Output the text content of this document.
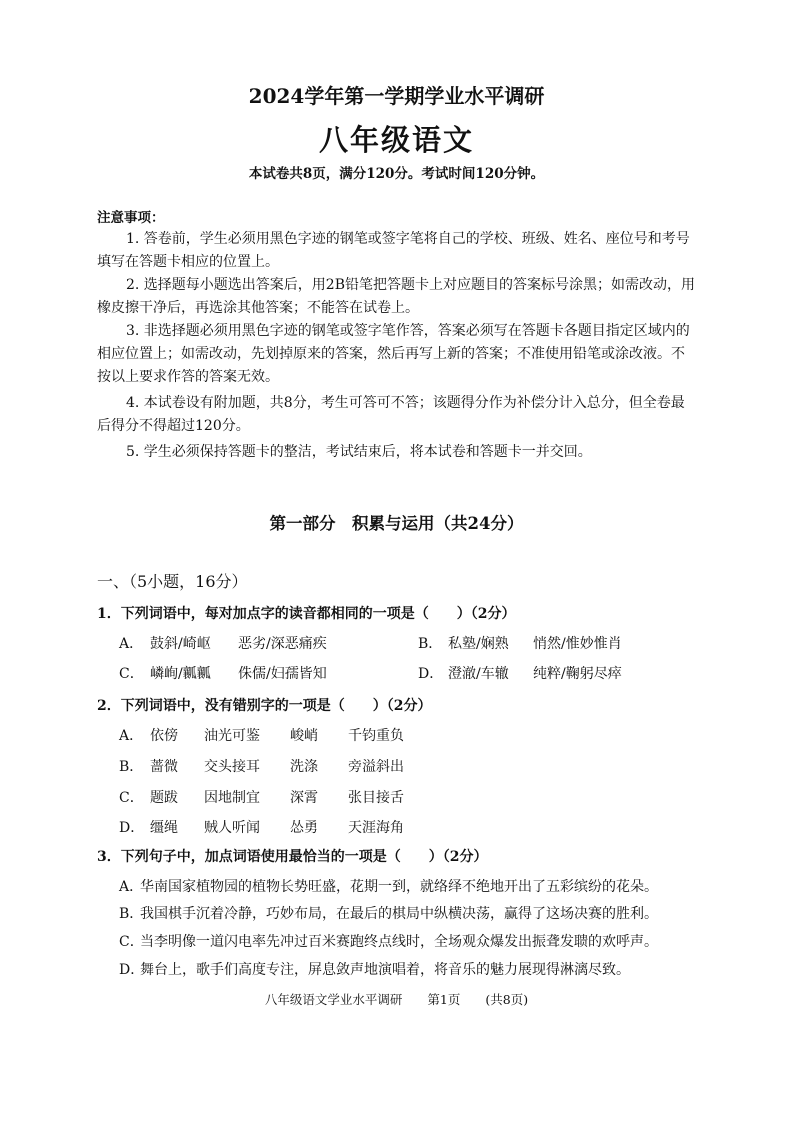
2024学年第一学期学业水平调研
八年级语文
本试卷共8页，满分120分。考试时间120分钟。
注意事项：

1. 答卷前，学生必须用黑色字迹的钢笔或签字笔将自己的学校、班级、姓名、座位号和考号填写在答题卡相应的位置上。

2. 选择题每小题选出答案后，用2B铅笔把答题卡上对应题目的答案标号涂黑；如需改动，用橡皮擦干净后，再选涂其他答案；不能答在试卷上。

3. 非选择题必须用黑色字迹的钢笔或签字笔作答，答案必须写在答题卡各题目指定区域内的相应位置上；如需改动，先划掉原来的答案，然后再写上新的答案；不准使用铅笔或涂改液。不按以上要求作答的答案无效。

4. 本试卷设有附加题，共8分，考生可答可不答；该题得分作为补偿分计入总分，但全卷最后得分不得超过120分。

5. 学生必须保持答题卡的整洁，考试结束后，将本试卷和答题卡一并交回。

第一部分　积累与运用（共24分）
一、（5小题，16分）
1．下列词语中，每对加点字的读音都相同的一项是（　　）（2分）
A． 鼓斜/崎岖 恶劣/深恶痛疾	B． 私塾/娴熟 悄然/惟妙惟肖
C． 嶙峋/瓤瓤 侏儒/妇孺皆知	D． 澄澈/车辙 纯粹/鞠躬尽瘁
2．下列词语中，没有错别字的一项是（　　）（2分）
A． 依傍 油光可鉴 峻峭 千钧重负
B． 蔷微 交头接耳 洗涤 旁溢斜出
C． 题跋 因地制宜 深霄 张目接舌
D． 缰绳 贼人听闻 怂勇 天涯海角
3．下列句子中，加点词语使用最恰当的一项是（　　）（2分）
A．
华南国家植物园的植物长势旺盛，花期一到，就络绎不绝地开出了五彩缤纷的花朵。
B．
我国棋手沉着冷静，巧妙布局，在最后的棋局中纵横决荡，赢得了这场决赛的胜利。
C．
当李明像一道闪电率先冲过百米赛跑终点线时，全场观众爆发出振聋发聩的欢呼声。
D．
舞台上，歌手们高度专注，屏息敛声地演唱着，将音乐的魅力展现得淋漓尽致。
八年级语文学业水平调研　　第1页　　(共8页)
